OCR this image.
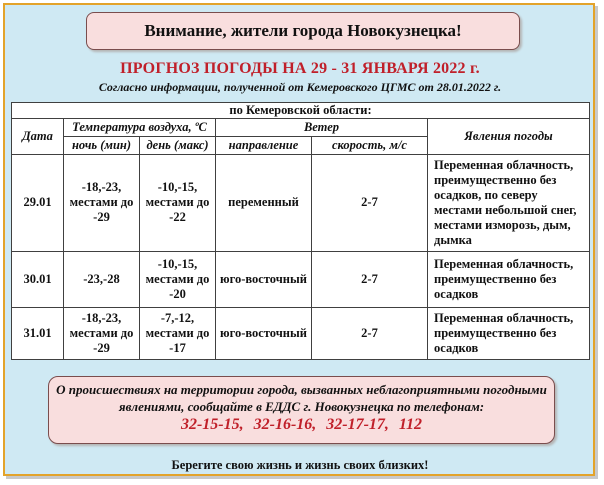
Внимание, жители города Новокузнецка!
ПРОГНОЗ ПОГОДЫ НА 29 - 31 ЯНВАРЯ 2022 г.
Согласно информации, полученной от Кемеровского ЦГМС от 28.01.2022 г.
по Кемеровской области:					
Дата	Температура воздуха, ºС		Ветер		Явления погоды
	ночь (мин)	день (макс)	направление	скорость, м/с	
29.01	-18,-23, местами до -29	-10,-15, местами до -22	переменный	2-7	Переменная облачность, преимущественно без осадков, по северу местами небольшой снег, местами изморозь, дым, дымка
30.01	-23,-28	-10,-15, местами до -20	юго-восточный	2-7	Переменная облачность, преимущественно без осадков
31.01	-18,-23, местами до -29	-7,-12, местами до -17	юго-восточный	2-7	Переменная облачность, преимущественно без осадков
О происшествиях на территории города, вызванных неблагоприятными погодными явлениями, сообщайте в ЕДДС г. Новокузнецка по телефонам:
32-15-15, 32-16-16, 32-17-17, 112
Берегите свою жизнь и жизнь своих близких!
